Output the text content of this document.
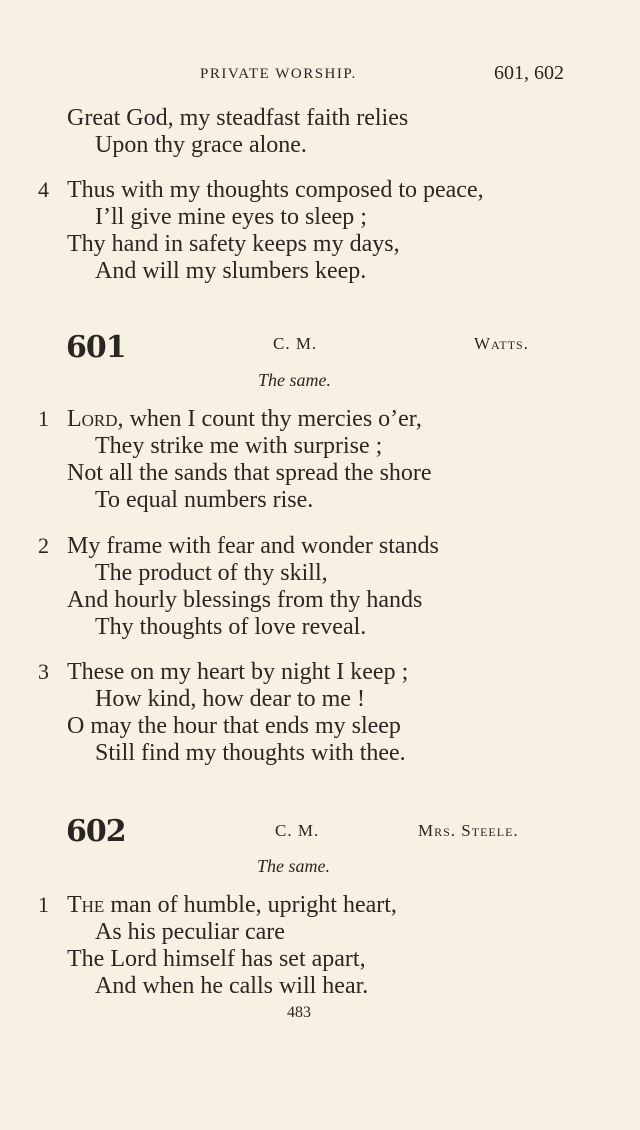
PRIVATE WORSHIP.	601, 602
Great God, my steadfast faith relies
Upon thy grace alone.
4 Thus with my thoughts composed to peace,
I’ll give mine eyes to sleep ;
Thy hand in safety keeps my days,
And will my slumbers keep.
601	C. M.	Watts.
The same.
1 Lord, when I count thy mercies o’er,
They strike me with surprise ;
Not all the sands that spread the shore
To equal numbers rise.
2 My frame with fear and wonder stands
The product of thy skill,
And hourly blessings from thy hands
Thy thoughts of love reveal.
3 These on my heart by night I keep ;
How kind, how dear to me !
O may the hour that ends my sleep
Still find my thoughts with thee.
602	C. M.	Mrs. Steele.
The same.
1 The man of humble, upright heart,
As his peculiar care
The Lord himself has set apart,
And when he calls will hear.
483
